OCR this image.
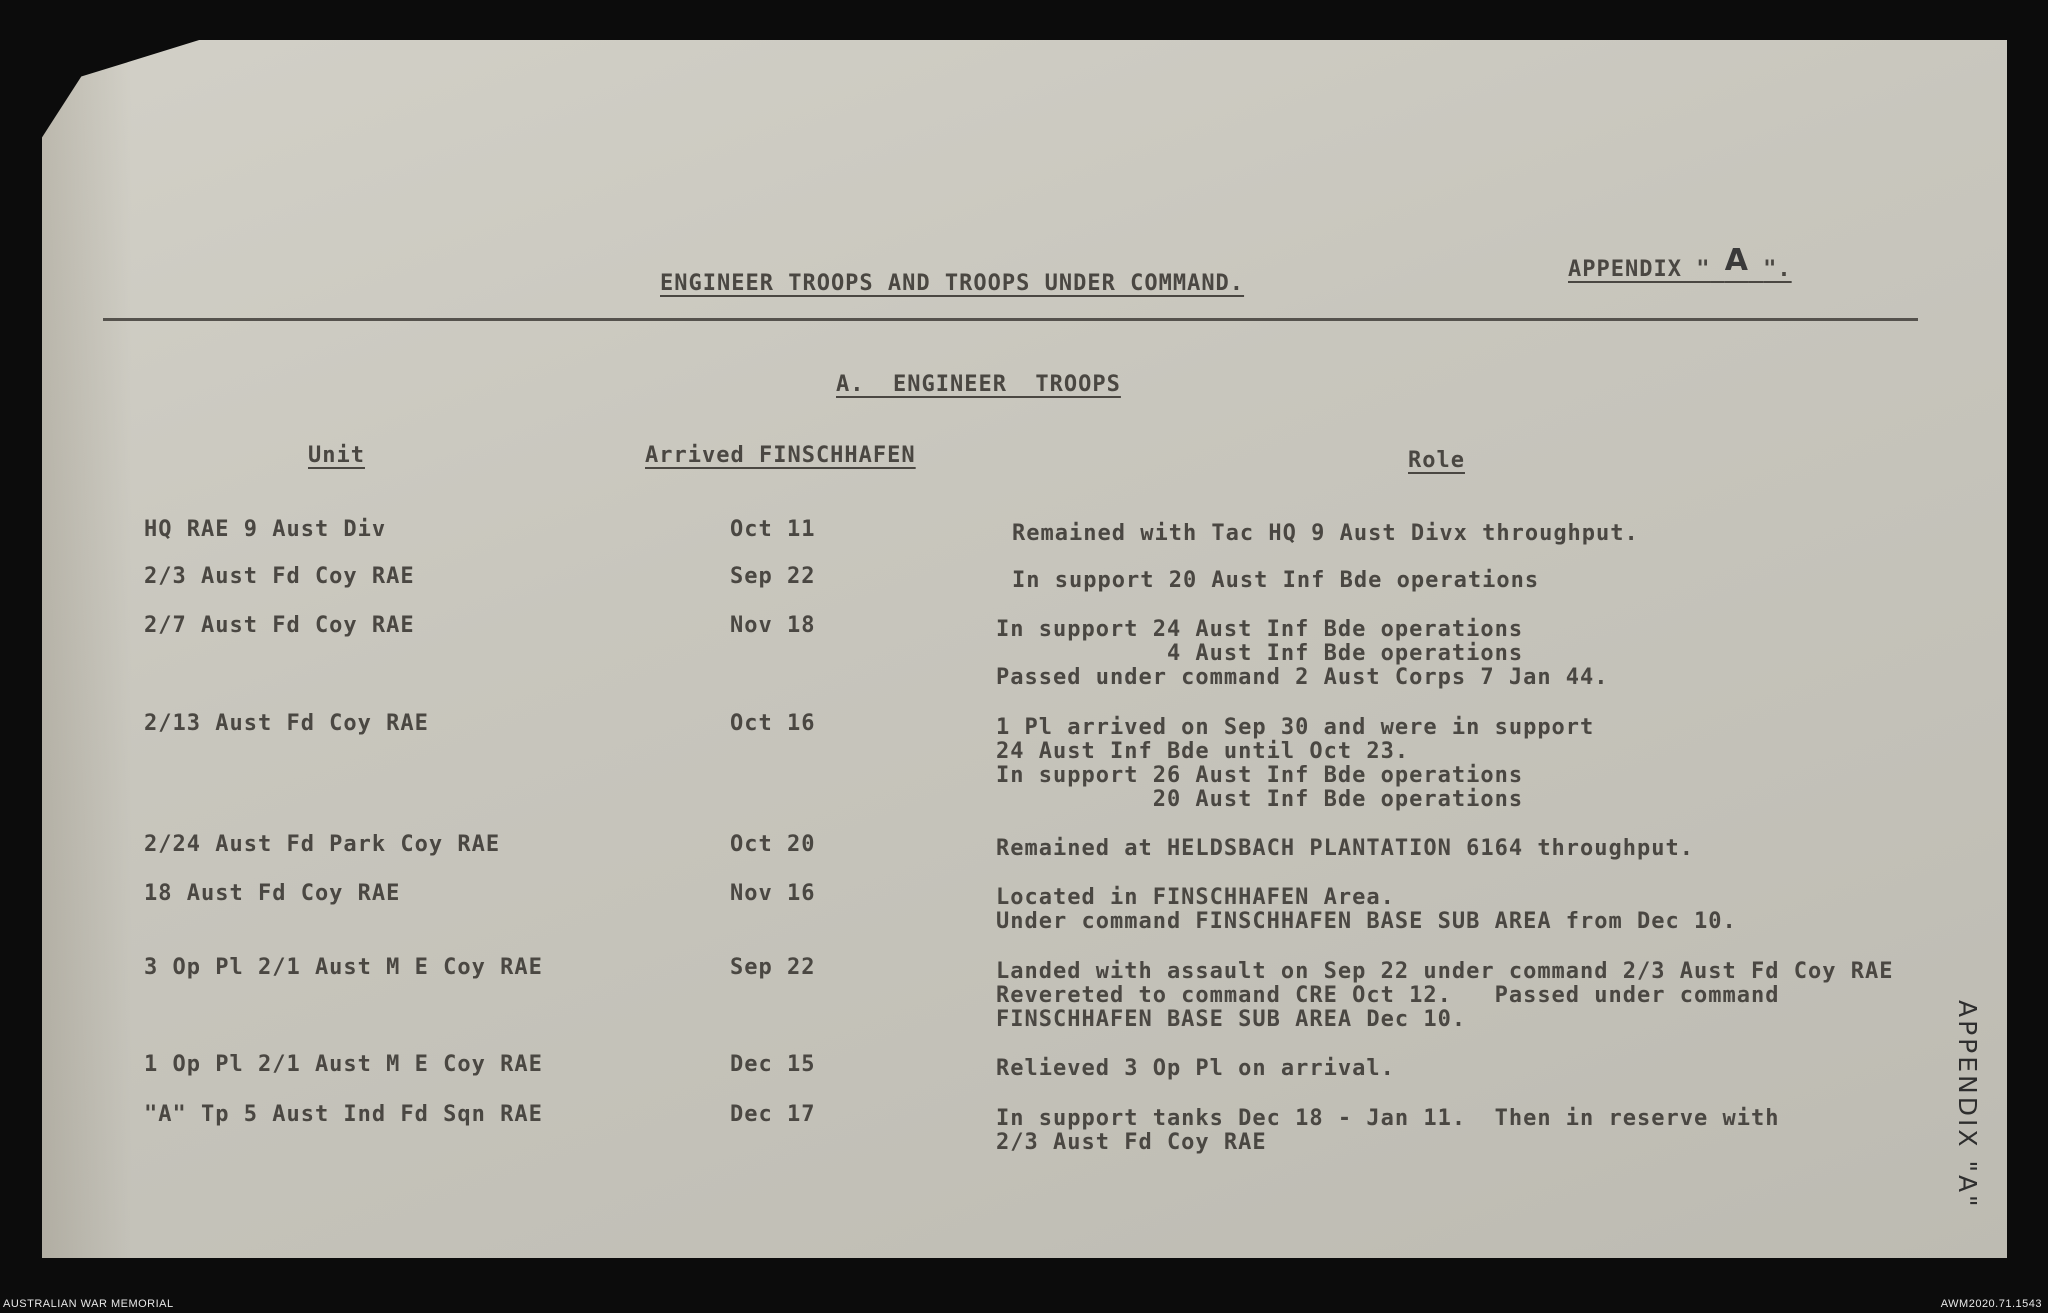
ENGINEER TROOPS AND TROOPS UNDER COMMAND.
APPENDIX " A ".
A.  ENGINEER  TROOPS
Unit	Arrived FINSCHHAFEN	Role
HQ RAE 9 Aust Div	Oct 11	Remained with Tac HQ 9 Aust Divx throughput.
2/3 Aust Fd Coy RAE	Sep 22	In support 20 Aust Inf Bde operations
2/7 Aust Fd Coy RAE	Nov 18	In support 24 Aust Inf Bde operations
4 Aust Inf Bde operations
Passed under command 2 Aust Corps 7 Jan 44.
2/13 Aust Fd Coy RAE	Oct 16	1 Pl arrived on Sep 30 and were in support
24 Aust Inf Bde until Oct 23.
In support 26 Aust Inf Bde operations
20 Aust Inf Bde operations
2/24 Aust Fd Park Coy RAE	Oct 20	Remained at HELDSBACH PLANTATION 6164 throughput.
18 Aust Fd Coy RAE	Nov 16	Located in FINSCHHAFEN Area.
Under command FINSCHHAFEN BASE SUB AREA from Dec 10.
3 Op Pl 2/1 Aust M E Coy RAE	Sep 22	Landed with assault on Sep 22 under command 2/3 Aust Fd Coy RAE
Revereted to command CRE Oct 12.   Passed under command
FINSCHHAFEN BASE SUB AREA Dec 10.
1 Op Pl 2/1 Aust M E Coy RAE	Dec 15	Relieved 3 Op Pl on arrival.
"A" Tp 5 Aust Ind Fd Sqn RAE	Dec 17	In support tanks Dec 18 - Jan 11.  Then in reserve with
2/3 Aust Fd Coy RAE	APPENDIX "A"
AUSTRALIAN WAR MEMORIAL	AWM2020.71.1543
